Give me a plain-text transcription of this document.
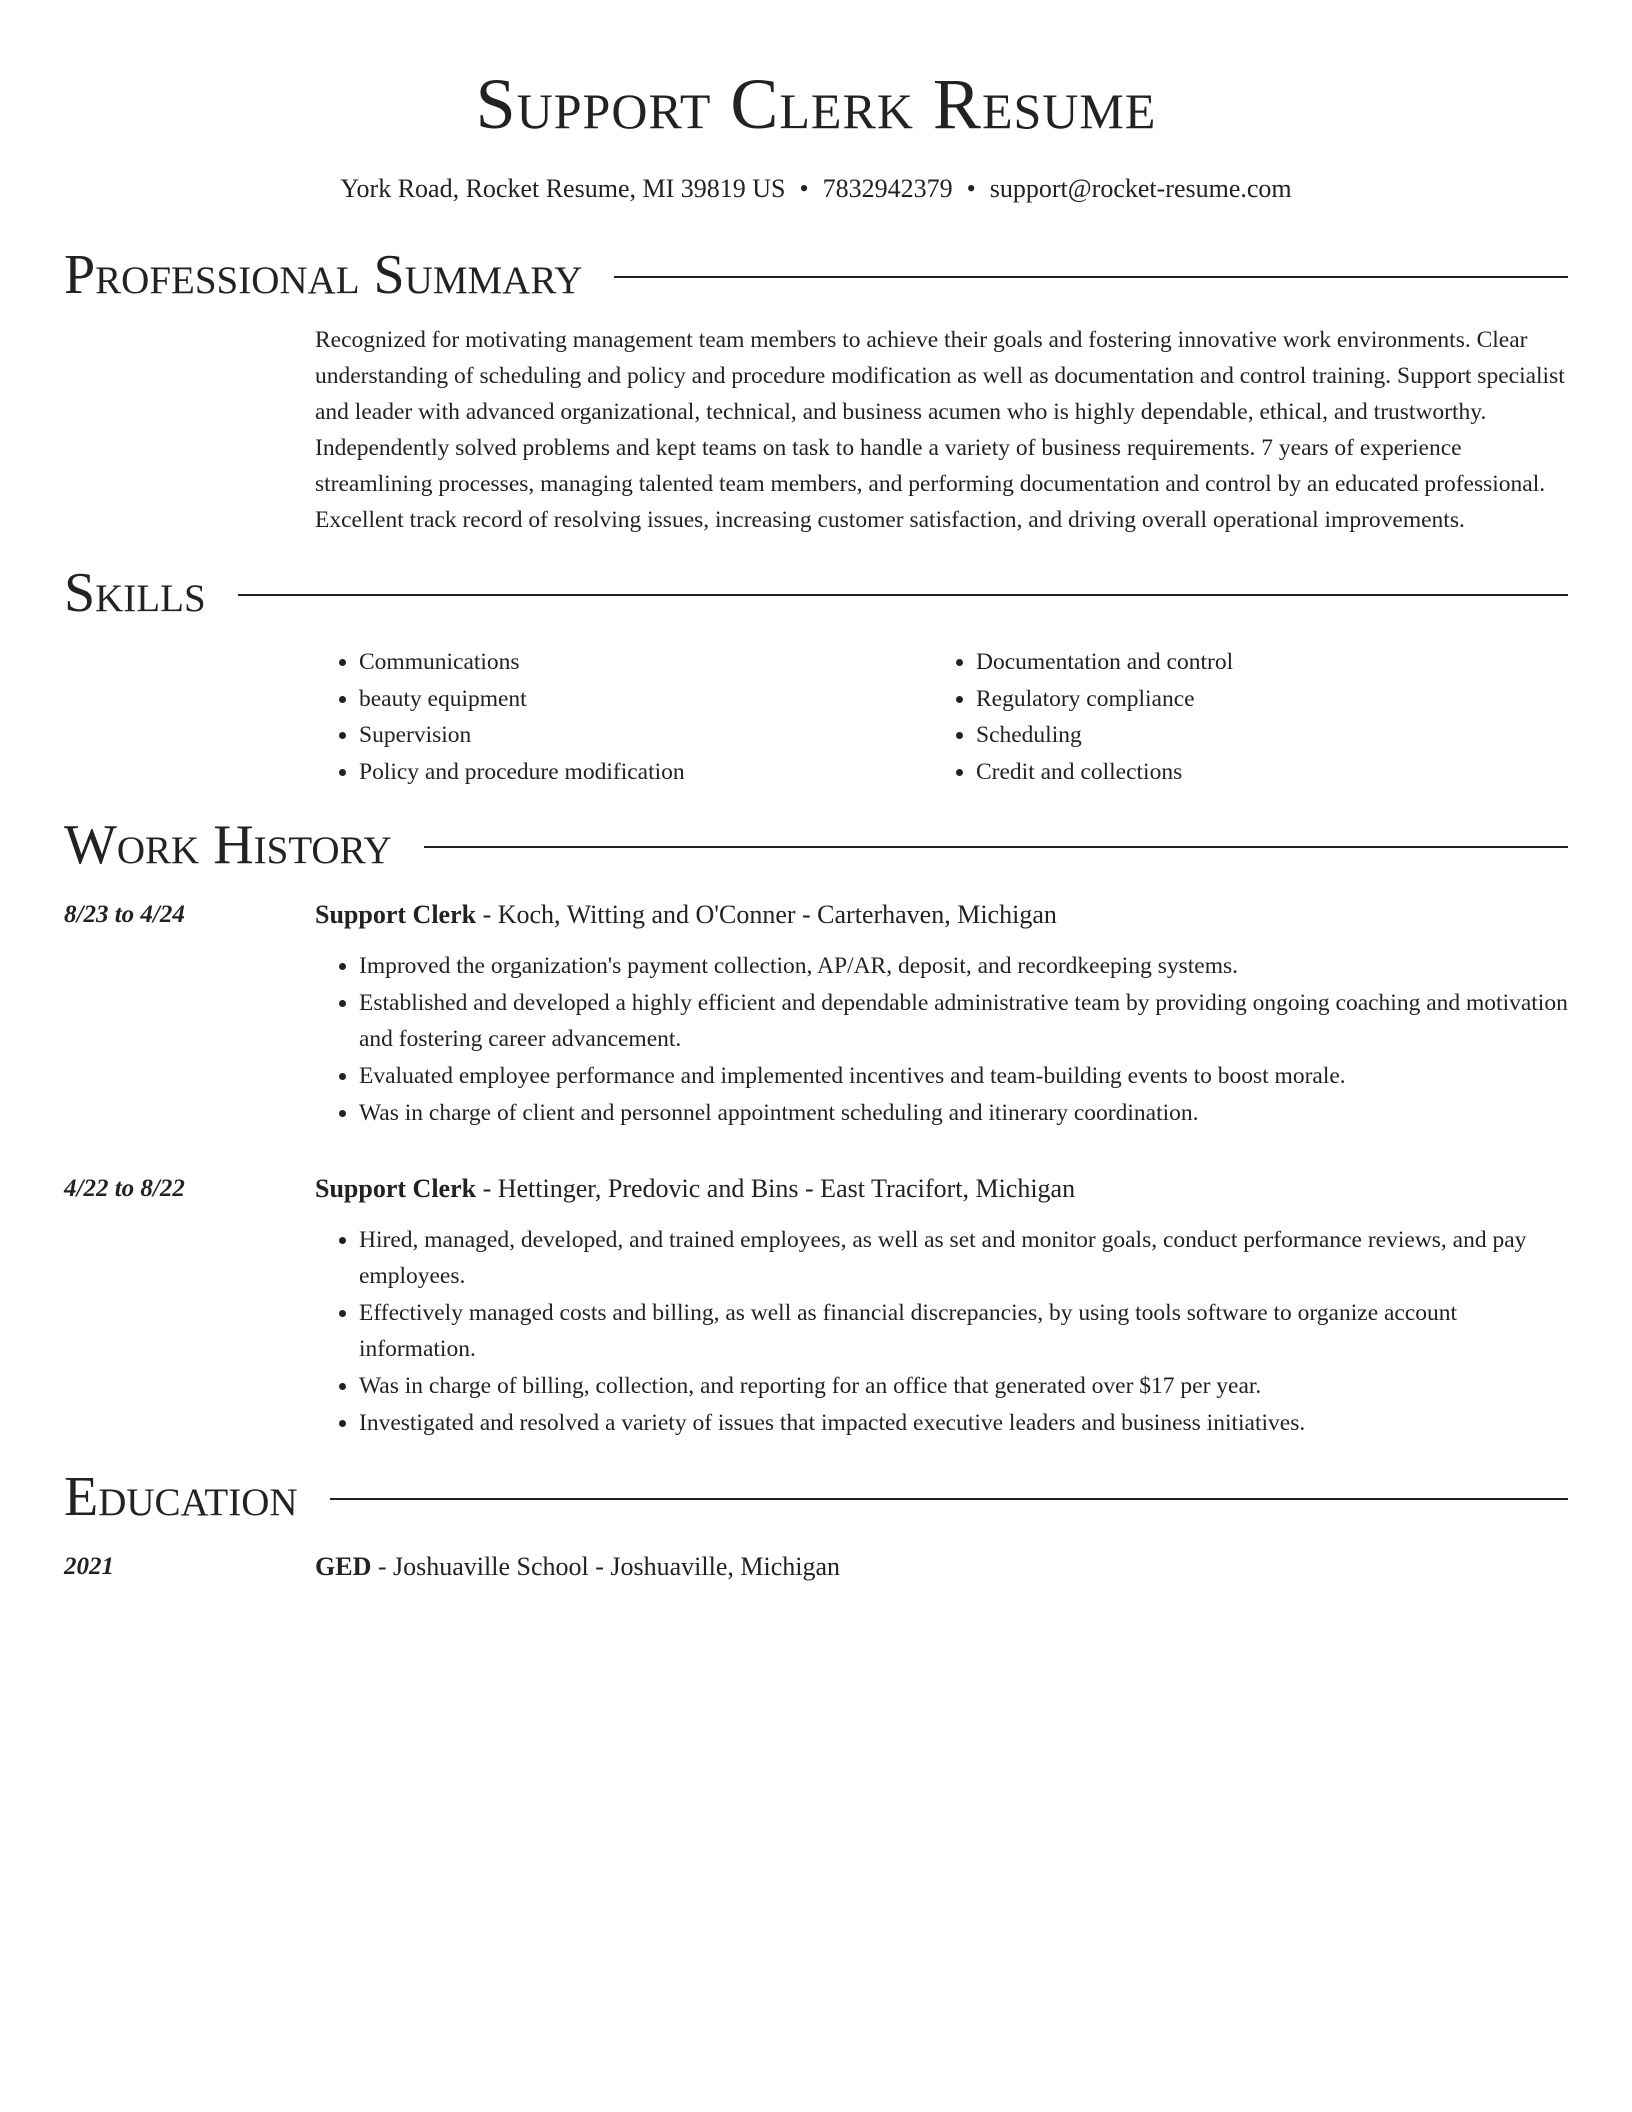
Support Clerk Resume
York Road, Rocket Resume, MI 39819 US • 7832942379 • support@rocket-resume.com
Professional Summary

Recognized for motivating management team members to achieve their goals and fostering innovative work environments. Clear understanding of scheduling and policy and procedure modification as well as documentation and control training. Support specialist and leader with advanced organizational, technical, and business acumen who is highly dependable, ethical, and trustworthy. Independently solved problems and kept teams on task to handle a variety of business requirements. 7 years of experience streamlining processes, managing talented team members, and performing documentation and control by an educated professional. Excellent track record of resolving issues, increasing customer satisfaction, and driving overall operational improvements.

Skills
• Communications
• beauty equipment
• Supervision
• Policy and procedure modification
• Documentation and control
• Regulatory compliance
• Scheduling
• Credit and collections
Work History
8/23 to 4/24	Support Clerk - Koch, Witting and O'Conner - Carterhaven, Michigan
• Improved the organization's payment collection, AP/AR, deposit, and recordkeeping systems.
• Established and developed a highly efficient and dependable administrative team by providing ongoing coaching and motivation and fostering career advancement.
• Evaluated employee performance and implemented incentives and team-building events to boost morale.
• Was in charge of client and personnel appointment scheduling and itinerary coordination.
4/22 to 8/22	Support Clerk - Hettinger, Predovic and Bins - East Tracifort, Michigan
• Hired, managed, developed, and trained employees, as well as set and monitor goals, conduct performance reviews, and pay employees.
• Effectively managed costs and billing, as well as financial discrepancies, by using tools software to organize account information.
• Was in charge of billing, collection, and reporting for an office that generated over $17 per year.
• Investigated and resolved a variety of issues that impacted executive leaders and business initiatives.
Education
2021	GED - Joshuaville School - Joshuaville, Michigan
